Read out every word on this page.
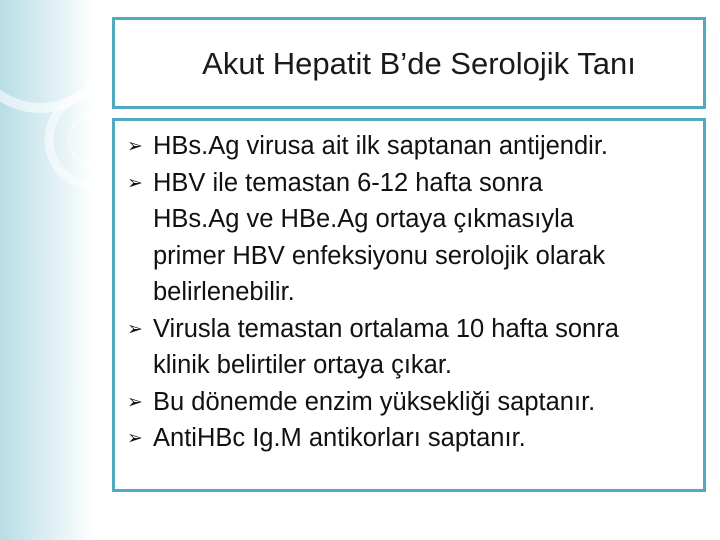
Akut Hepatit B’de Serolojik Tanı
➢ HBs.Ag virusa ait ilk saptanan antijendir.
➢ HBV ile temastan 6-12 hafta sonra
HBs.Ag ve HBe.Ag ortaya çıkmasıyla
primer HBV enfeksiyonu serolojik olarak
belirlenebilir.
➢ Virusla temastan ortalama 10 hafta sonra
klinik belirtiler ortaya çıkar.
➢ Bu dönemde enzim yüksekliği saptanır.
➢ AntiHBc Ig.M antikorları saptanır.
